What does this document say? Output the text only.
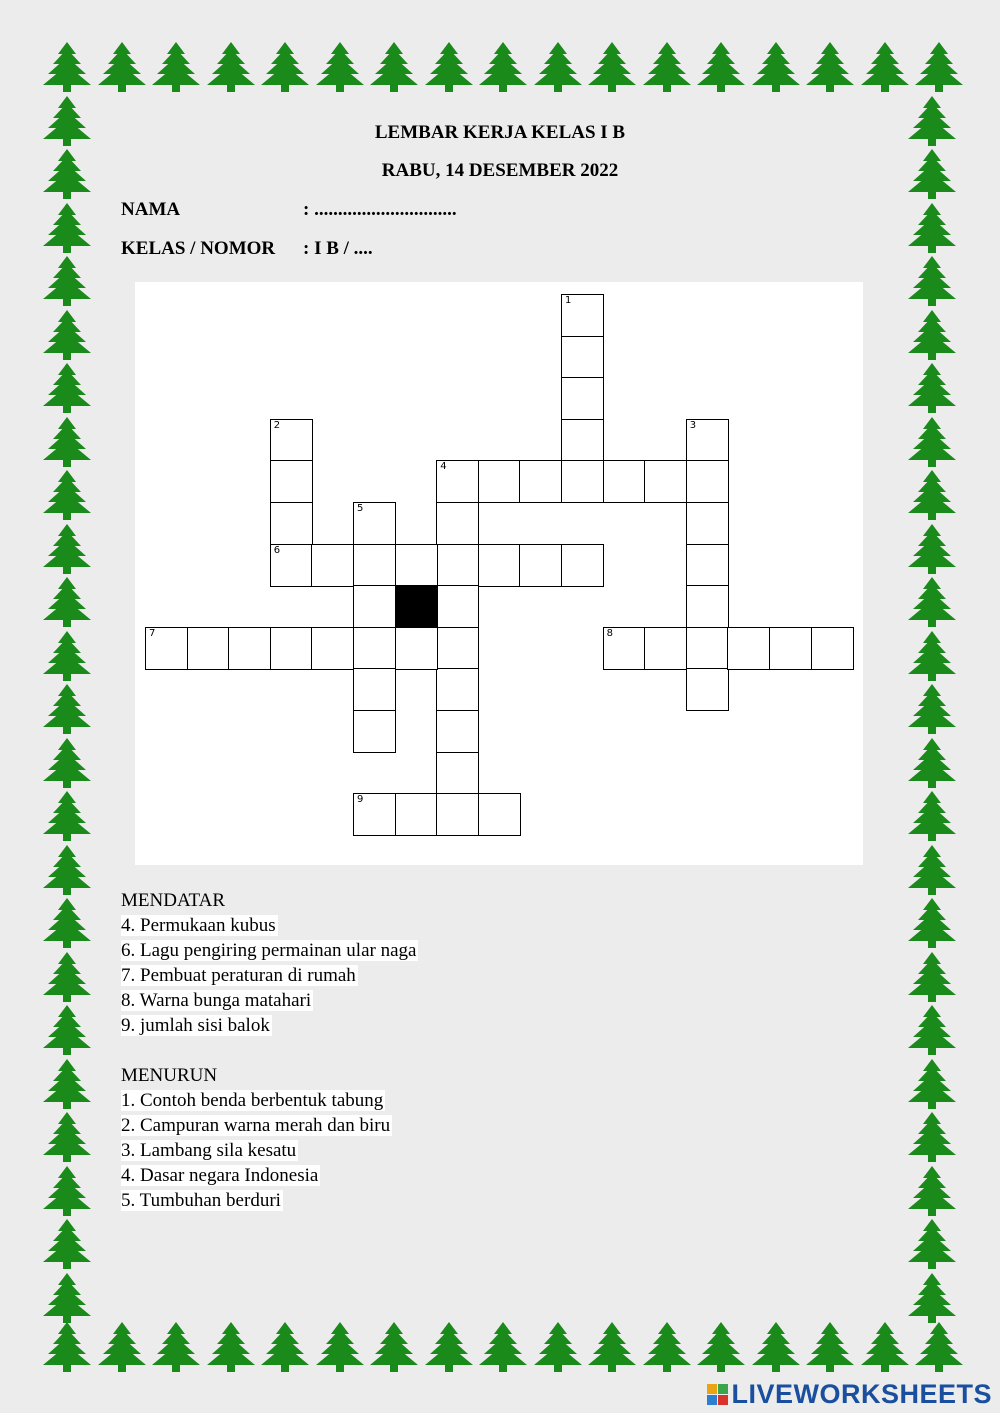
LEMBAR KERJA KELAS I B
RABU, 14 DESEMBER 2022
NAMA	: ..............................
KELAS / NOMOR : I B / ....
1
2
6
3
4
5
7	8
9
MENDATAR
4. Permukaan kubus
6. Lagu pengiring permainan ular naga
7. Pembuat peraturan di rumah
8. Warna bunga matahari
9. jumlah sisi balok
MENURUN
1. Contoh benda berbentuk tabung
2. Campuran warna merah dan biru
3. Lambang sila kesatu
4. Dasar negara Indonesia
5. Tumbuhan berduri
LIVEWORKSHEETS
